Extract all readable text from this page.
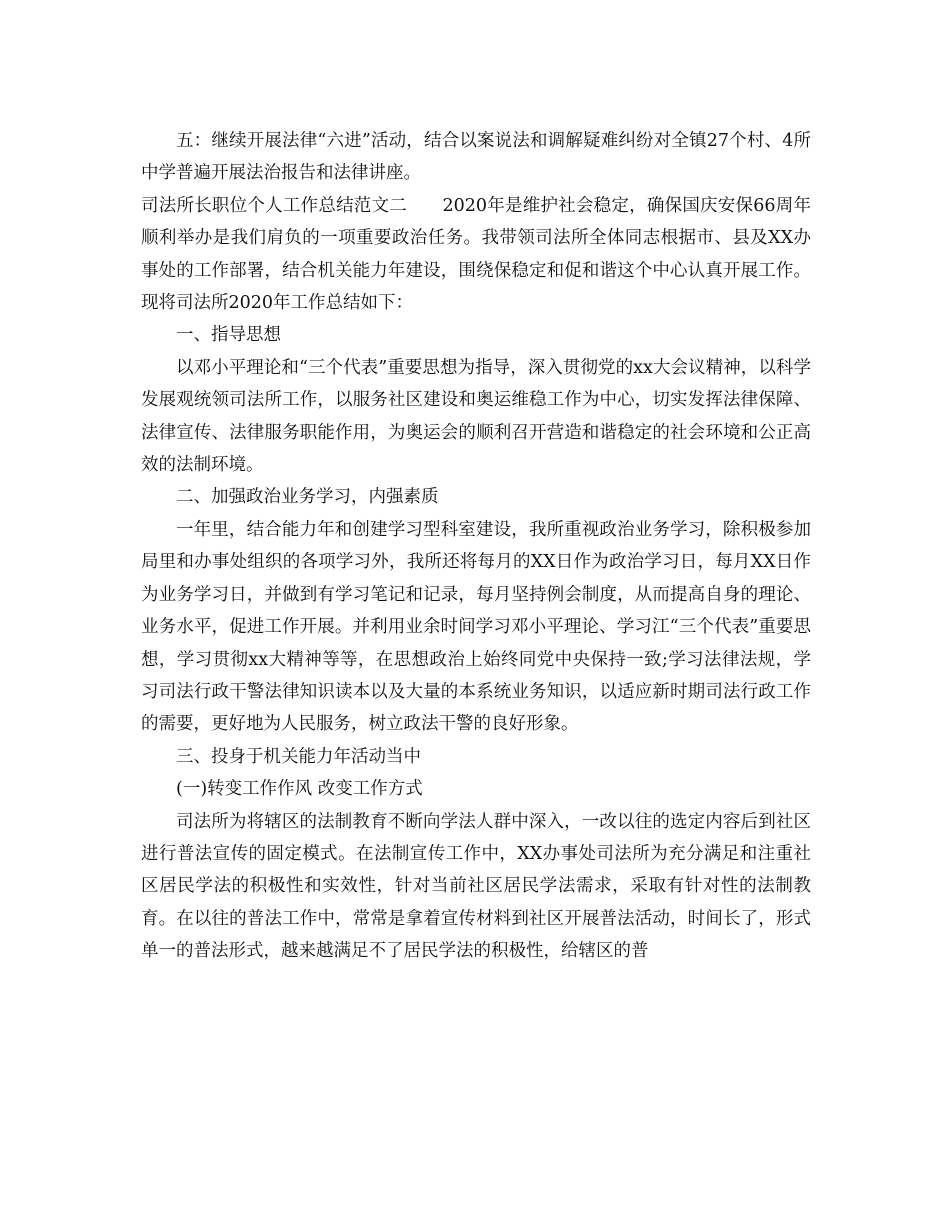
五：继续开展法律“六进”活动，结合以案说法和调解疑难纠纷对全镇27个村、4所中学普遍开展法治报告和法律讲座。

司法所长职位个人工作总结范文二　　2020年是维护社会稳定，确保国庆安保66周年顺利举办是我们肩负的一项重要政治任务。我带领司法所全体同志根据市、县及XX办事处的工作部署，结合机关能力年建设，围绕保稳定和促和谐这个中心认真开展工作。现将司法所2020年工作总结如下：

一、指导思想

以邓小平理论和“三个代表”重要思想为指导，深入贯彻党的xx大会议精神，以科学发展观统领司法所工作，以服务社区建设和奥运维稳工作为中心，切实发挥法律保障、法律宣传、法律服务职能作用，为奥运会的顺利召开营造和谐稳定的社会环境和公正高效的法制环境。

二、加强政治业务学习，内强素质

一年里，结合能力年和创建学习型科室建设，我所重视政治业务学习，除积极参加局里和办事处组织的各项学习外，我所还将每月的XX日作为政治学习日，每月XX日作为业务学习日，并做到有学习笔记和记录，每月坚持例会制度，从而提高自身的理论、业务水平，促进工作开展。并利用业余时间学习邓小平理论、学习江“三个代表”重要思想，学习贯彻xx大精神等等，在思想政治上始终同党中央保持一致;学习法律法规，学习司法行政干警法律知识读本以及大量的本系统业务知识，以适应新时期司法行政工作的需要，更好地为人民服务，树立政法干警的良好形象。

三、投身于机关能力年活动当中

(一)转变工作作风 改变工作方式

司法所为将辖区的法制教育不断向学法人群中深入，一改以往的选定内容后到社区进行普法宣传的固定模式。在法制宣传工作中，XX办事处司法所为充分满足和注重社区居民学法的积极性和实效性，针对当前社区居民学法需求，采取有针对性的法制教育。在以往的普法工作中，常常是拿着宣传材料到社区开展普法活动，时间长了，形式单一的普法形式，越来越满足不了居民学法的积极性，给辖区的普
